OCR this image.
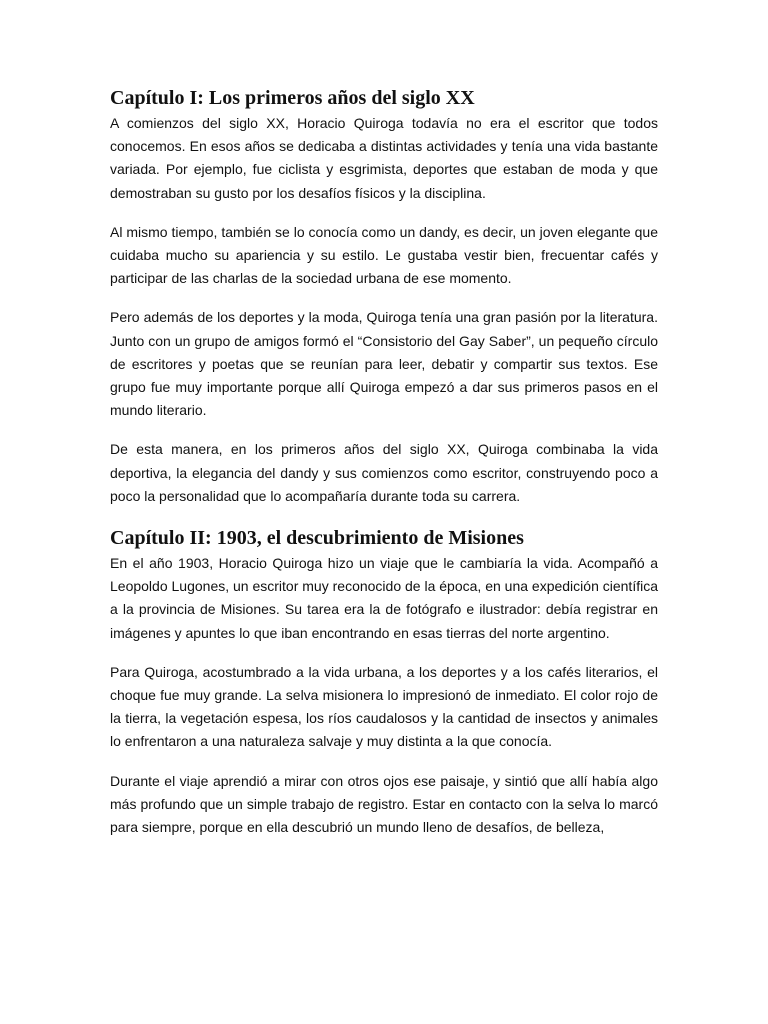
Capítulo I: Los primeros años del siglo XX

A comienzos del siglo XX, Horacio Quiroga todavía no era el escritor que todos conocemos. En esos años se dedicaba a distintas actividades y tenía una vida bastante variada. Por ejemplo, fue ciclista y esgrimista, deportes que estaban de moda y que demostraban su gusto por los desafíos físicos y la disciplina.

Al mismo tiempo, también se lo conocía como un dandy, es decir, un joven elegante que cuidaba mucho su apariencia y su estilo. Le gustaba vestir bien, frecuentar cafés y participar de las charlas de la sociedad urbana de ese momento.

Pero además de los deportes y la moda, Quiroga tenía una gran pasión por la literatura. Junto con un grupo de amigos formó el “Consistorio del Gay Saber”, un pequeño círculo de escritores y poetas que se reunían para leer, debatir y compartir sus textos. Ese grupo fue muy importante porque allí Quiroga empezó a dar sus primeros pasos en el mundo literario.

De esta manera, en los primeros años del siglo XX, Quiroga combinaba la vida deportiva, la elegancia del dandy y sus comienzos como escritor, construyendo poco a poco la personalidad que lo acompañaría durante toda su carrera.

Capítulo II: 1903, el descubrimiento de Misiones

En el año 1903, Horacio Quiroga hizo un viaje que le cambiaría la vida. Acompañó a Leopoldo Lugones, un escritor muy reconocido de la época, en una expedición científica a la provincia de Misiones. Su tarea era la de fotógrafo e ilustrador: debía registrar en imágenes y apuntes lo que iban encontrando en esas tierras del norte argentino.

Para Quiroga, acostumbrado a la vida urbana, a los deportes y a los cafés literarios, el choque fue muy grande. La selva misionera lo impresionó de inmediato. El color rojo de la tierra, la vegetación espesa, los ríos caudalosos y la cantidad de insectos y animales lo enfrentaron a una naturaleza salvaje y muy distinta a la que conocía.

Durante el viaje aprendió a mirar con otros ojos ese paisaje, y sintió que allí había algo más profundo que un simple trabajo de registro. Estar en contacto con la selva lo marcó para siempre, porque en ella descubrió un mundo lleno de desafíos, de belleza,
